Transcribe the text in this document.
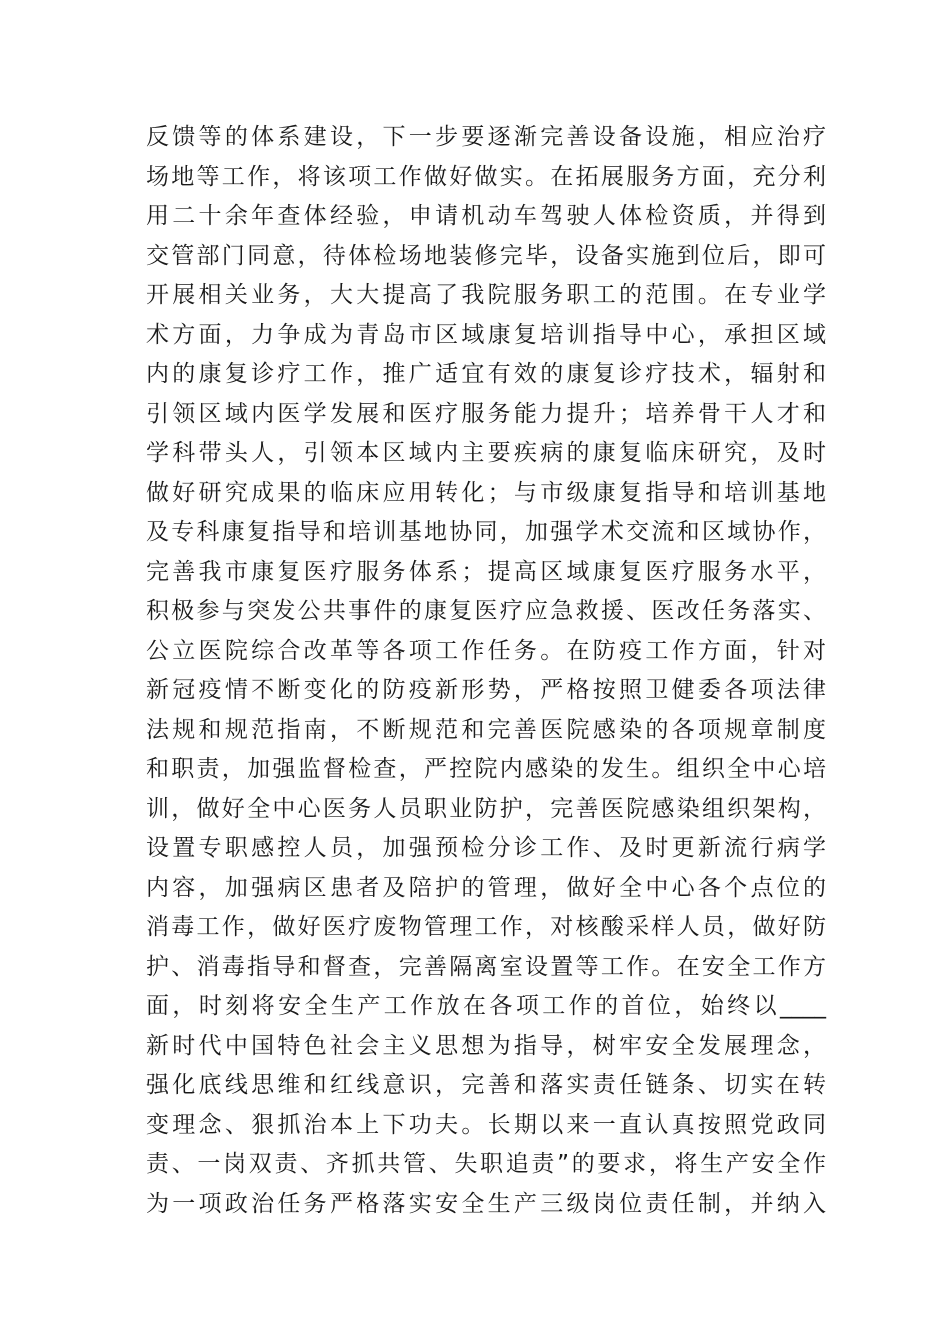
反馈等的体系建设，下一步要逐渐完善设备设施，相应治疗
场地等工作，将该项工作做好做实。在拓展服务方面，充分利
用二十余年查体经验，申请机动车驾驶人体检资质，并得到
交管部门同意，待体检场地装修完毕，设备实施到位后，即可
开展相关业务，大大提高了我院服务职工的范围。在专业学
术方面，力争成为青岛市区域康复培训指导中心，承担区域
内的康复诊疗工作，推广适宜有效的康复诊疗技术，辐射和
引领区域内医学发展和医疗服务能力提升；培养骨干人才和
学科带头人，引领本区域内主要疾病的康复临床研究，及时
做好研究成果的临床应用转化；与市级康复指导和培训基地
及专科康复指导和培训基地协同，加强学术交流和区域协作，
完善我市康复医疗服务体系；提高区域康复医疗服务水平，
积极参与突发公共事件的康复医疗应急救援、医改任务落实、
公立医院综合改革等各项工作任务。在防疫工作方面，针对
新冠疫情不断变化的防疫新形势，严格按照卫健委各项法律
法规和规范指南，不断规范和完善医院感染的各项规章制度
和职责，加强监督检查，严控院内感染的发生。组织全中心培
训，做好全中心医务人员职业防护，完善医院感染组织架构，
设置专职感控人员，加强预检分诊工作、及时更新流行病学
内容，加强病区患者及陪护的管理，做好全中心各个点位的
消毒工作，做好医疗废物管理工作，对核酸采样人员，做好防
护、消毒指导和督查，完善隔离室设置等工作。在安全工作方
面，时刻将安全生产工作放在各项工作的首位，始终以____
新时代中国特色社会主义思想为指导，树牢安全发展理念，
强化底线思维和红线意识，完善和落实责任链条、切实在转
变理念、狠抓治本上下功夫。长期以来一直认真按照党政同
责、一岗双责、齐抓共管、失职追责”的要求，将生产安全作
为一项政治任务严格落实安全生产三级岗位责任制，并纳入
